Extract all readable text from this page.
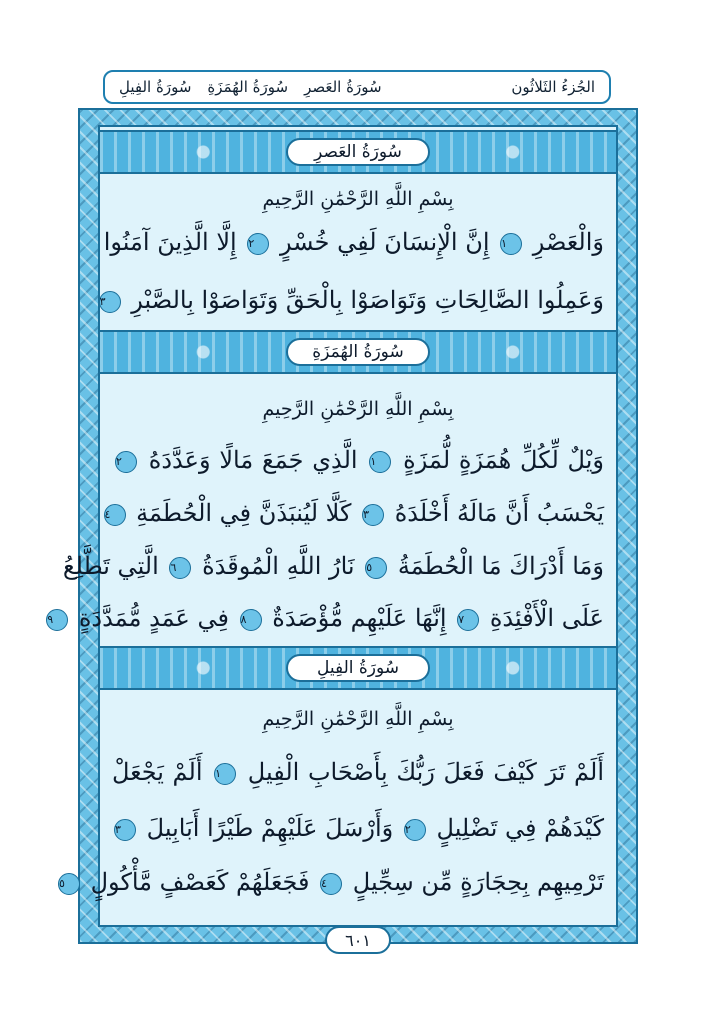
سُورَةُ الفِيلِ سُورَةُ الهُمَزَةِ سُورَةُ العَصرِ	الجُزءُ الثَلاثُون
سُورَةُ العَصرِ
بِسْمِ اللَّهِ الرَّحْمَٰنِ الرَّحِيمِ
وَالْعَصْرِ ١ إِنَّ الْإِنسَانَ لَفِي خُسْرٍ ٢ إِلَّا الَّذِينَ آمَنُوا
وَعَمِلُوا الصَّالِحَاتِ وَتَوَاصَوْا بِالْحَقِّ وَتَوَاصَوْا بِالصَّبْرِ ٣
سُورَةُ الهُمَزَةِ
بِسْمِ اللَّهِ الرَّحْمَٰنِ الرَّحِيمِ
وَيْلٌ لِّكُلِّ هُمَزَةٍ لُّمَزَةٍ ١ الَّذِي جَمَعَ مَالًا وَعَدَّدَهُ ٢
يَحْسَبُ أَنَّ مَالَهُ أَخْلَدَهُ ٣ كَلَّا لَيُنبَذَنَّ فِي الْحُطَمَةِ ٤
وَمَا أَدْرَاكَ مَا الْحُطَمَةُ ٥ نَارُ اللَّهِ الْمُوقَدَةُ ٦ الَّتِي تَطَّلِعُ
عَلَى الْأَفْئِدَةِ ٧ إِنَّهَا عَلَيْهِم مُّؤْصَدَةٌ ٨ فِي عَمَدٍ مُّمَدَّدَةٍ ٩
سُورَةُ الفِيلِ
بِسْمِ اللَّهِ الرَّحْمَٰنِ الرَّحِيمِ
أَلَمْ تَرَ كَيْفَ فَعَلَ رَبُّكَ بِأَصْحَابِ الْفِيلِ ١ أَلَمْ يَجْعَلْ
كَيْدَهُمْ فِي تَضْلِيلٍ ٢ وَأَرْسَلَ عَلَيْهِمْ طَيْرًا أَبَابِيلَ ٣
تَرْمِيهِم بِحِجَارَةٍ مِّن سِجِّيلٍ ٤ فَجَعَلَهُمْ كَعَصْفٍ مَّأْكُولٍ ٥
٦٠١
